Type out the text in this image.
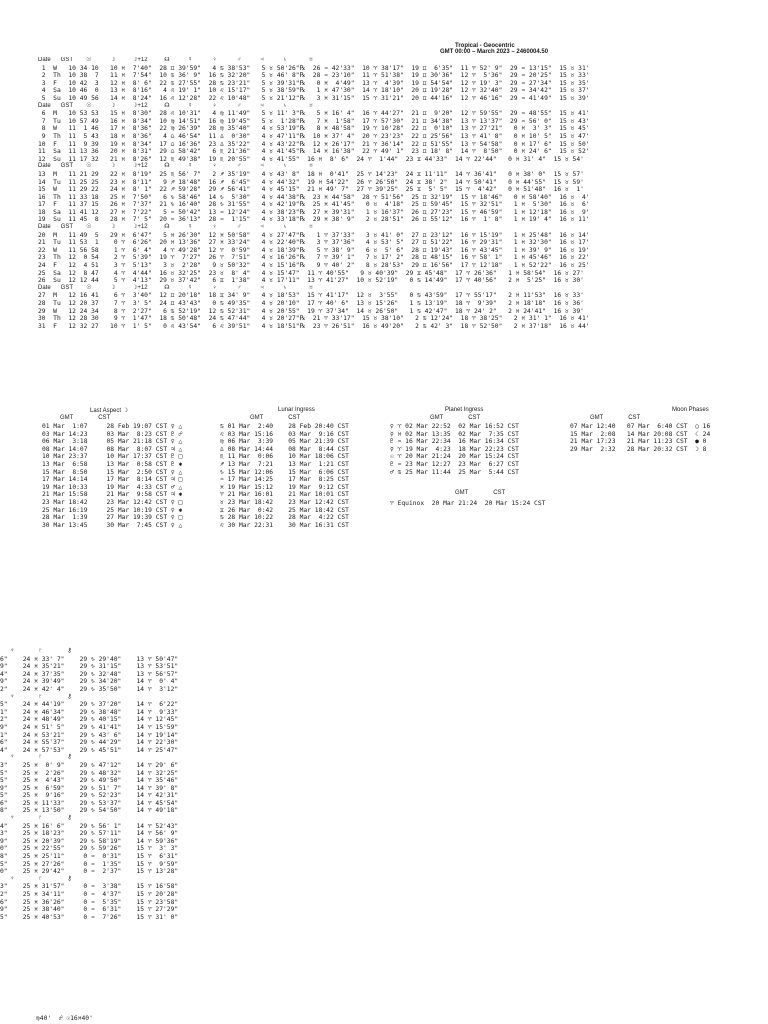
Tropical - Geocentric
GMT 00:00 – March 2023 – 2460004.50
Date      GST        ☉           ☽          ☽+12          ☊           ☿            ♀            ♂           ♃           ♄             ♅
1  W   10 34 10   10 ♓  7'40"  28 ♊ 39'59"   4 ♋ 38'53"   5 ♉ 50'26"℞  26 ♒ 42'33"  10 ♈ 38'17"  19 ♊  6'35"  11 ♈ 52' 9"  29 ♒ 13'15"  15 ♉ 31'
2  Th  10 38  7   11 ♓  7'54"  10 ♋ 36' 9"  16 ♋ 32'20"   5 ♉ 46' 8"℞  28 ♒ 23'10"  11 ♈ 51'38"  19 ♊ 30'36"  12 ♈  5'36"  29 ♒ 20'25"  15 ♉ 33'
3  F   10 42  3   12 ♓  8' 6"  22 ♋ 27'55"  28 ♋ 23'21"   5 ♉ 39'31"℞   0 ♓  4'49"  13 ♈  4'39"  19 ♊ 54'54"  12 ♈ 19' 3"  29 ♒ 27'34"  15 ♉ 35'
4  Sa  10 46  0   13 ♓  8'16"   4 ♌ 19' 1"  10 ♌ 15'17"   5 ♉ 38'59"℞   1 ♓ 47'30"  14 ♈ 18'10"  20 ♊ 19'28"  12 ♈ 32'40"  29 ♒ 34'42"  15 ♉ 37'
5  Su  10 49 56   14 ♓  8'24"  16 ♌ 12'28"  22 ♌ 10'48"   5 ♉ 21'12"℞   3 ♓ 31'15"  15 ♈ 31'21"  20 ♊ 44'16"  12 ♈ 46'16"  29 ♒ 41'49"  15 ♉ 39'
Date      GST        ☉           ☽          ☽+12          ☊           ☿            ♀            ♂           ♃           ♄             ♅
6  M   10 53 53   15 ♓  8'30"  28 ♌ 10'31"   4 ♍ 11'49"   5 ♉ 11' 3"℞   5 ♓ 16' 4"  16 ♈ 44'27"  21 ♊  9'20"  12 ♈ 59'55"  29 ♒ 48'55"  15 ♉ 41'
7  Tu  10 57 49   16 ♓  8'34"  10 ♍ 14'51"  16 ♍ 19'45"   5 ♉  1'28"℞   7 ♓  1'58"  17 ♈ 57'30"  21 ♊ 34'38"  13 ♈ 13'37"  29 ♒ 56' 0"  15 ♉ 43'
8  W   11  1 46   17 ♓  8'36"  22 ♍ 26'39"  28 ♍ 35'40"   4 ♉ 53'19"℞   8 ♓ 48'58"  19 ♈ 10'28"  22 ♊  0'10"  13 ♈ 27'21"   0 ♓  3' 3"  15 ♉ 45'
9  Th  11  5 43   18 ♓  8'36"   4 ♎ 46'54"  11 ♎  0'30"   4 ♉ 47'11"℞  10 ♓ 37' 4"  20 ♈ 23'23"  22 ♊ 25'56"  13 ♈ 41' 8"   0 ♓ 10' 5"  15 ♉ 47'
10  F   11  9 39   19 ♓  8'34"  17 ♎ 16'36"  23 ♎ 35'22"   4 ♉ 43'22"℞  12 ♓ 26'17"  21 ♈ 36'14"  22 ♊ 51'55"  13 ♈ 54'58"   0 ♓ 17' 6"  15 ♉ 50'
11  Sa  11 13 36   20 ♓  8'31"  29 ♎ 58'42"   6 ♏ 21'36"   4 ♉ 41'45"℞  14 ♓ 16'38"  22 ♈ 49' 1"  23 ♊ 18' 8"  14 ♈  8'50"   0 ♓ 24' 6"  15 ♉ 52'
12  Su  11 17 32   21 ♓  8'26"  12 ♏ 49'38"  19 ♏ 20'55"   4 ♉ 41'55"  16 ♓  8' 6"  24 ♈  1'44"  23 ♊ 44'33"  14 ♈ 22'44"   0 ♓ 31' 4"  15 ♉ 54'
Date      GST        ☉           ☽          ☽+12          ☊           ☿            ♀            ♂           ♃           ♄             ♅
13  M   11 21 29   22 ♓  8'19"  25 ♏ 56' 7"   2 ♐ 35'19"   4 ♉ 43' 8"  18 ♓  0'41"  25 ♈ 14'23"  24 ♊ 11'11"  14 ♈ 36'41"   0 ♓ 38' 0"  15 ♉ 57'
14  Tu  11 25 25   23 ♓  8'11"   9 ♐ 18'48"  16 ♐  6'45"   4 ♉ 44'32"  19 ♓ 54'22"  26 ♈ 26'50"  24 ♊ 38' 2"  14 ♈ 50'41"   0 ♓ 44'55"  15 ♉ 59'
15  W   11 29 22   24 ♓  8' 1"  22 ♐ 59'28"  29 ♐ 56'41"   4 ♉ 45'15"  21 ♓ 49' 7"  27 ♈ 39'25"  25 ♊  5' 5"  15 ♈  4'42"   0 ♓ 51'48"  16 ♉  1'
16  Th  11 33 18   25 ♓  7'50"   6 ♑ 58'46"  14 ♑  5'30"   4 ♉ 44'38"℞  23 ♓ 44'58"  28 ♈ 51'56"  25 ♊ 32'19"  15 ♈ 18'46"   0 ♓ 58'40"  16 ♉  4'
17  F   11 37 15   26 ♓  7'37"  21 ♑ 16'40"  28 ♑ 31'55"   4 ♉ 42'19"℞  25 ♓ 41'45"   0 ♉  4'18"  25 ♊ 59'45"  15 ♈ 32'51"   1 ♓  5'30"  16 ♉  6'
18  Sa  11 41 12   27 ♓  7'22"   5 ♒ 50'42"  13 ♒ 12'24"   4 ♉ 38'23"℞  27 ♓ 39'31"   1 ♉ 16'37"  26 ♊ 27'23"  15 ♈ 46'59"   1 ♓ 12'18"  16 ♉  9'
19  Su  11 45  8   28 ♓  7' 5"  20 ♒ 36'13"  28 ♒  1'15"   4 ♉ 33'18"℞  29 ♓ 38' 9"   2 ♉ 28'51"  26 ♊ 55'12"  16 ♈  1' 8"   1 ♓ 19' 4"  16 ♉ 11'
Date      GST        ☉           ☽          ☽+12          ☊           ☿            ♀            ♂           ♃           ♄             ♅
20  M   11 49  5   29 ♓  6'47"   5 ♓ 26'30"  12 ♓ 50'58"   4 ♉ 27'47"℞   1 ♈ 37'33"   3 ♉ 41' 0"  27 ♊ 23'12"  16 ♈ 15'19"   1 ♓ 25'48"  16 ♉ 14'
21  Tu  11 53  1    0 ♈  6'26"  20 ♓ 13'36"  27 ♓ 33'24"   4 ♉ 22'40"℞   3 ♈ 37'36"   4 ♉ 53' 5"  27 ♊ 51'22"  16 ♈ 29'31"   1 ♓ 32'30"  16 ♉ 17'
22  W   11 56 58    1 ♈  6' 4"   4 ♈ 49'28"  12 ♈  0'59"   4 ♉ 18'39"℞   5 ♈ 38' 9"   6 ♉  5' 6"  28 ♊ 19'43"  16 ♈ 43'45"   1 ♓ 39' 9"  16 ♉ 19'
23  Th  12  0 54    2 ♈  5'39"  19 ♈  7'27"  26 ♈  7'51"   4 ♉ 16'26"℞   7 ♈ 39' 1"   7 ♉ 17' 2"  28 ♊ 48'15"  16 ♈ 58' 1"   1 ♓ 45'46"  16 ♉ 22'
24  F   12  4 51    3 ♈  5'13"   3 ♉  2'28"   9 ♉ 50'32"   4 ♉ 15'16"℞   9 ♈ 40' 2"   8 ♉ 28'53"  29 ♊ 16'56"  17 ♈ 12'18"   1 ♓ 52'22"  16 ♉ 25'
25  Sa  12  8 47    4 ♈  4'44"  16 ♉ 32'25"  23 ♉  8' 4"   4 ♉ 15'47"  11 ♈ 40'55"   9 ♉ 40'39"  29 ♊ 45'48"  17 ♈ 26'36"   1 ♓ 58'54"  16 ♉ 27'
26  Su  12 12 44    5 ♈  4'13"  29 ♉ 37'42"   6 ♊  1'38"   4 ♉ 17'11"  13 ♈ 41'27"  10 ♉ 52'19"   0 ♋ 14'49"  17 ♈ 40'56"   2 ♓  5'25"  16 ♉ 30'
Date      GST        ☉           ☽          ☽+12          ☊           ☿            ♀            ♂           ♃           ♄             ♅
27  M   12 16 41    6 ♈  3'40"  12 ♊ 20'18"  18 ♊ 34' 9"   4 ♉ 18'53"  15 ♈ 41'17"  12 ♉  3'55"   0 ♋ 43'59"  17 ♈ 55'17"   2 ♓ 11'53"  16 ♉ 33'
28  Tu  12 20 37    7 ♈  3' 5"  24 ♊ 43'43"   0 ♋ 49'35"   4 ♉ 20'10"  17 ♈ 40' 6"  13 ♉ 15'26"   1 ♋ 13'19"  18 ♈  9'39"   2 ♓ 18'18"  16 ♉ 36'
29  W   12 24 34    8 ♈  2'27"   6 ♋ 52'19"  12 ♋ 52'31"   4 ♉ 20'55"  19 ♈ 37'34"  14 ♉ 26'50"   1 ♋ 42'47"  18 ♈ 24' 2"   2 ♓ 24'41"  16 ♉ 39'
30  Th  12 28 30    9 ♈  1'47"  18 ♋ 50'48"  24 ♋ 47'44"   4 ♉ 20'27"℞  21 ♈ 33'17"  15 ♉ 38'10"   2 ♋ 12'24"  18 ♈ 38'25"   2 ♓ 31' 1"  16 ♉ 41'
31  F   12 32 27   10 ♈  1' 5"   0 ♌ 43'54"   6 ♌ 39'51"   4 ♉ 18'51"℞  23 ♈ 26'51"  16 ♉ 49'20"   2 ♋ 42' 3"  18 ♈ 52'50"   2 ♓ 37'18"  16 ♉ 44'
Last Aspect ☽
GMT               CST
01 Mar  1:07     28 Feb 19:07 CST ♀ △
03 Mar 14:23     03 Mar  8:23 CST ♇ ☍
06 Mar  3:18     05 Mar 21:18 CST ♀ △
08 Mar 14:07     08 Mar  8:07 CST ♃ △
10 Mar 23:37     10 Mar 17:37 CST ♇ □
13 Mar  6:58     13 Mar  0:58 CST ♇ ✱
15 Mar  8:50     15 Mar  2:50 CST ♀ △
17 Mar 14:14     17 Mar  8:14 CST ♃ □
19 Mar 10:33     19 Mar  4:33 CST ♂ △
21 Mar 15:58     21 Mar  9:58 CST ♃ ✱
23 Mar 18:42     23 Mar 12:42 CST ♀ □
25 Mar 16:19     25 Mar 10:19 CST ♀ ✱
28 Mar  1:39     27 Mar 19:39 CST ♀ □
30 Mar 13:45     30 Mar  7:45 CST ♀ △
Lunar Ingress
GMT               CST
♋ 01 Mar  2:40    28 Feb 20:40 CST
♌ 03 Mar 15:16    03 Mar  9:16 CST
♍ 06 Mar  3:39    05 Mar 21:39 CST
♎ 08 Mar 14:44    08 Mar  8:44 CST
♏ 11 Mar  0:06    10 Mar 18:06 CST
♐ 13 Mar  7:21    13 Mar  1:21 CST
♑ 15 Mar 12:06    15 Mar  6:06 CST
♒ 17 Mar 14:25    17 Mar  8:25 CST
♓ 19 Mar 15:12    19 Mar  9:12 CST
♈ 21 Mar 16:01    21 Mar 10:01 CST
♉ 23 Mar 18:42    23 Mar 12:42 CST
♊ 26 Mar  0:42    25 Mar 18:42 CST
♋ 28 Mar 10:22    28 Mar  4:22 CST
♌ 30 Mar 22:31    30 Mar 16:31 CST
Planet Ingress
GMT               CST
♀ ♈ 02 Mar 22:52  02 Mar 16:52 CST
☿ ♓ 02 Mar 13:35  02 Mar  7:35 CST
♇ ♒ 16 Mar 22:34  16 Mar 16:34 CST
☿ ♈ 19 Mar  4:23  18 Mar 22:23 CST
☉ ♈ 20 Mar 21:24  20 Mar 15:24 CST
♇ ♒ 23 Mar 12:27  23 Mar  6:27 CST
♂ ♋ 25 Mar 11:44  25 Mar  5:44 CST
GMT               CST
♈ Equinox  20 Mar 21:24  20 Mar 15:24 CST
Moon Phases
GMT               CST
07 Mar 12:40   07 Mar  6:40 CST  ○ 16
15 Mar  2:08   14 Mar 20:08 CST  ☾ 24
21 Mar 17:23   21 Mar 11:23 CST  ● 0
29 Mar  2:32   28 Mar 20:32 CST  ☽ 8
♆              ♇               ⚷
6"    24 ♓ 33' 7"    29 ♑ 29'40"    13 ♈ 50'47"
9"    24 ♓ 35'21"    29 ♑ 31'15"    13 ♈ 53'51"
4"    24 ♓ 37'35"    29 ♑ 32'48"    13 ♈ 56'57"
9"    24 ♓ 39'49"    29 ♑ 34'20"    14 ♈  0' 4"
2"    24 ♓ 42' 4"    29 ♑ 35'50"    14 ♈  3'12"
♆              ♇               ⚷
5"    24 ♓ 44'19"    29 ♑ 37'20"    14 ♈  6'22"
1"    24 ♓ 46'34"    29 ♑ 38'48"    14 ♈  9'33"
2"    24 ♓ 48'49"    29 ♑ 40'15"    14 ♈ 12'45"
9"    24 ♓ 51' 5"    29 ♑ 41'41"    14 ♈ 15'59"
1"    24 ♓ 53'21"    29 ♑ 43' 6"    14 ♈ 19'14"
6"    24 ♓ 55'37"    29 ♑ 44'29"    14 ♈ 22'30"
4"    24 ♓ 57'53"    29 ♑ 45'51"    14 ♈ 25'47"
♆              ♇               ⚷
3"    25 ♓  0' 9"    29 ♑ 47'12"    14 ♈ 29' 6"
5"    25 ♓  2'26"    29 ♑ 48'32"    14 ♈ 32'25"
5"    25 ♓  4'43"    29 ♑ 49'50"    14 ♈ 35'46"
9"    25 ♓  6'59"    29 ♑ 51' 7"    14 ♈ 39' 8"
5"    25 ♓  9'16"    29 ♑ 52'23"    14 ♈ 42'31"
6"    25 ♓ 11'33"    29 ♑ 53'37"    14 ♈ 45'54"
8"    25 ♓ 13'50"    29 ♑ 54'50"    14 ♈ 49'18"
♆              ♇               ⚷
4"    25 ♓ 16' 6"    29 ♑ 56' 1"    14 ♈ 52'43"
3"    25 ♓ 18'23"    29 ♑ 57'11"    14 ♈ 56' 9"
9"    25 ♓ 20'39"    29 ♑ 58'19"    14 ♈ 59'36"
0"    25 ♓ 22'55"    29 ♑ 59'26"    15 ♈  3' 3"
8"    25 ♓ 25'11"     0 ♒  0'31"    15 ♈  6'31"
5"    25 ♓ 27'26"     0 ♒  1'35"    15 ♈  9'59"
0"    25 ♓ 29'42"     0 ♒  2'37"    15 ♈ 13'28"
♆              ♇               ⚷
3"    25 ♓ 31'57"     0 ♒  3'38"    15 ♈ 16'58"
2"    25 ♓ 34'11"     0 ♒  4'37"    15 ♈ 20'28"
6"    25 ♓ 36'26"     0 ♒  5'35"    15 ♈ 23'58"
9"    25 ♓ 38'40"     0 ♒  6'31"    15 ♈ 27'29"
5"    25 ♓ 40'53"     0 ♒  7'26"    15 ♈ 31' 0"
♍40'  ☍ ☉16♓40'
